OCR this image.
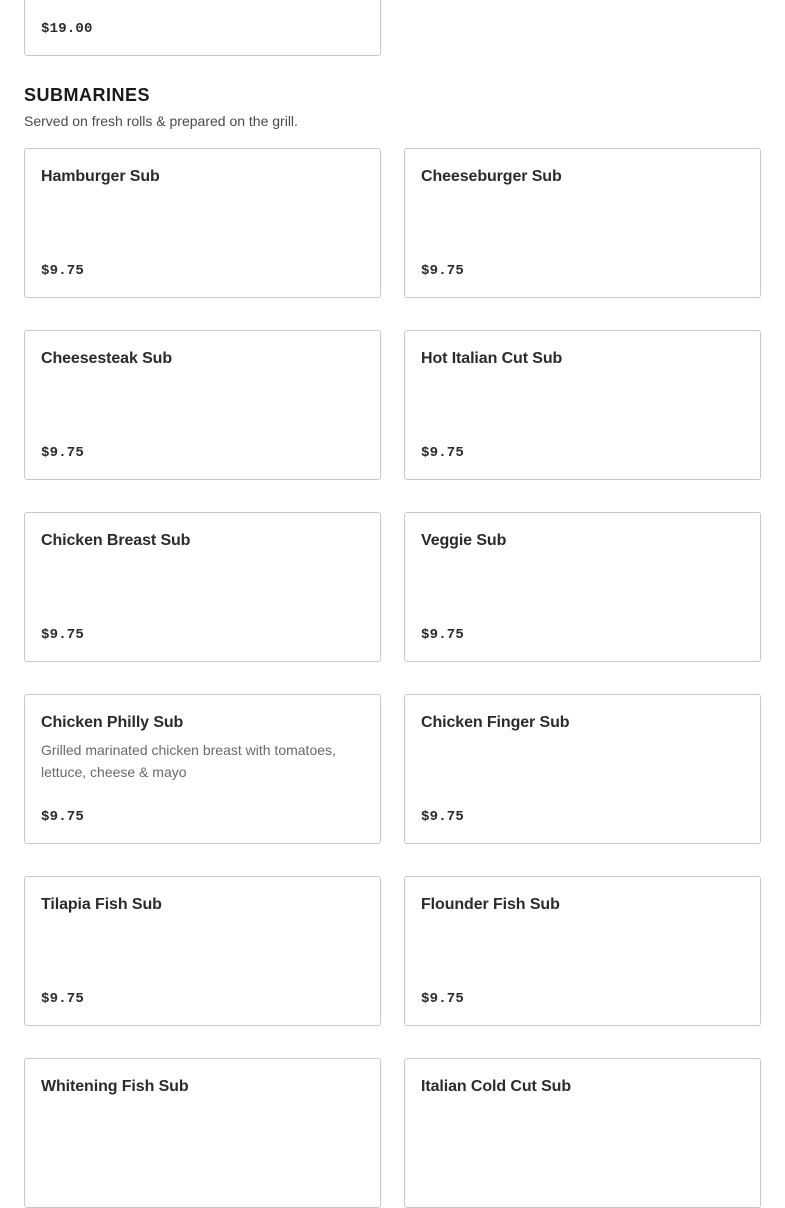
$19.00
SUBMARINES
Served on fresh rolls & prepared on the grill.
Hamburger Sub
$9.75
Cheeseburger Sub
$9.75
Cheesesteak Sub
$9.75
Hot Italian Cut Sub
$9.75
Chicken Breast Sub
$9.75
Veggie Sub
$9.75
Chicken Philly Sub
Grilled marinated chicken breast with tomatoes, lettuce, cheese & mayo
$9.75
Chicken Finger Sub
$9.75
Tilapia Fish Sub
$9.75
Flounder Fish Sub
$9.75
Whitening Fish Sub	Italian Cold Cut Sub
